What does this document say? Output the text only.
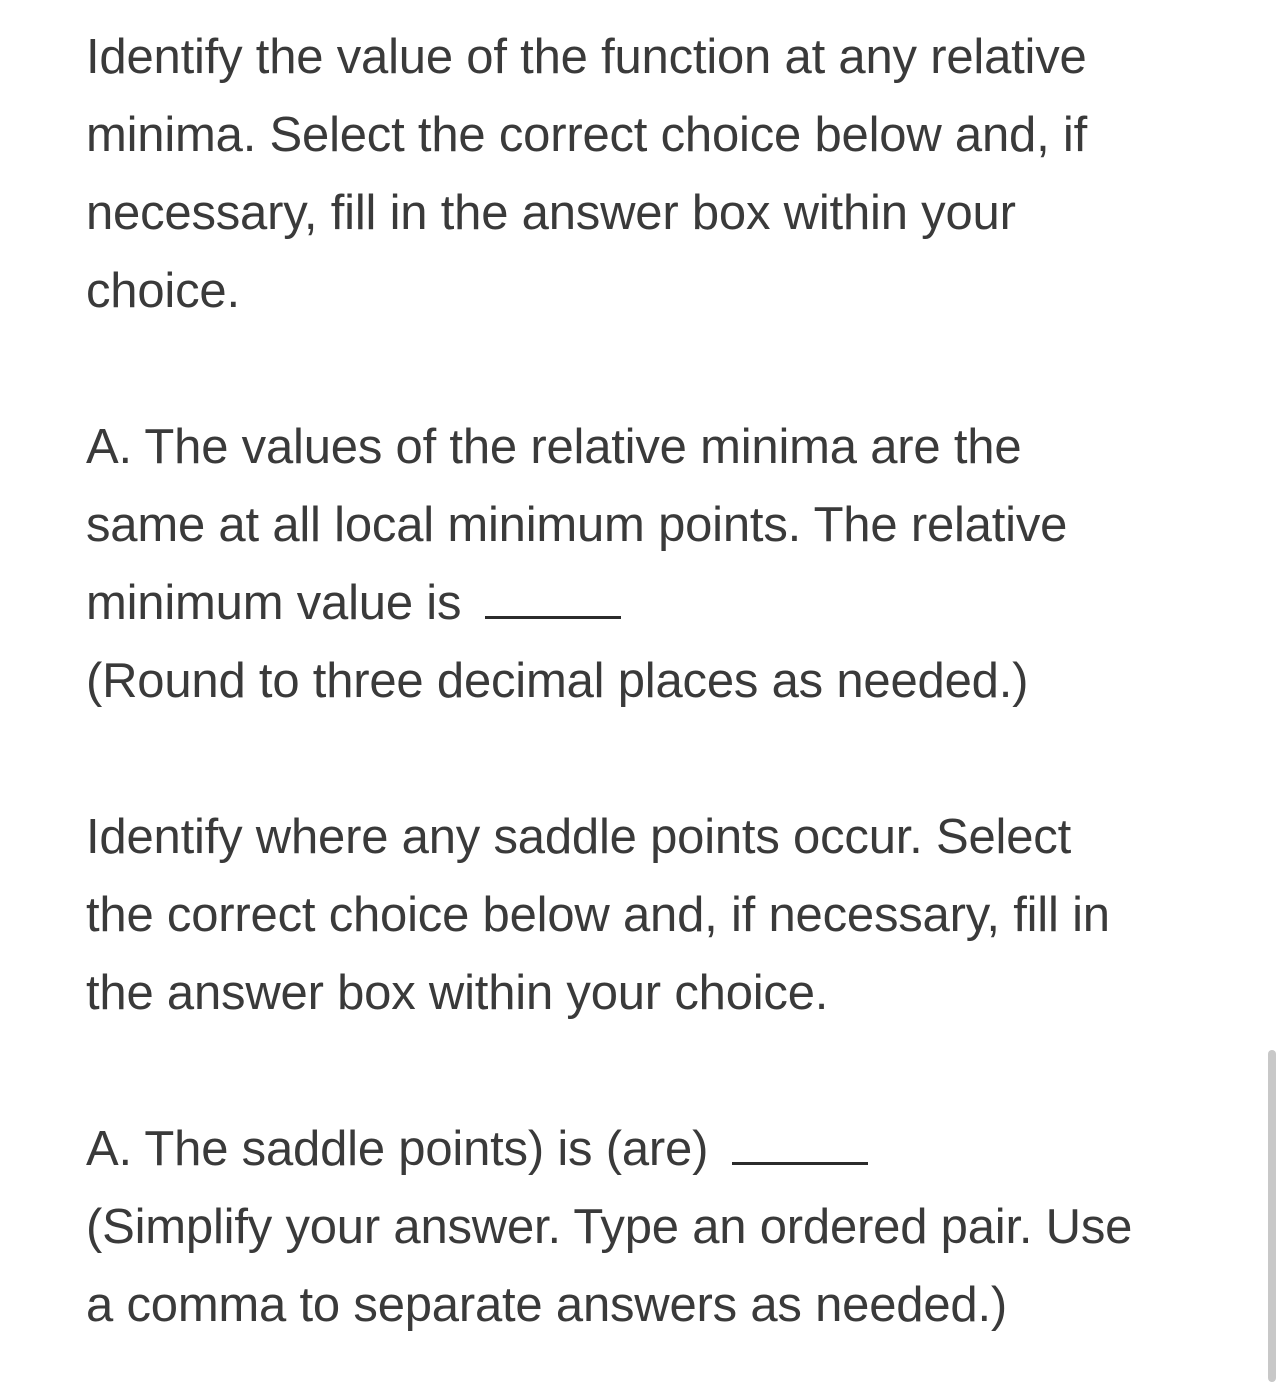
Identify the value of the function at any relative
minima. Select the correct choice below and, if
necessary, fill in the answer box within your
choice.
A. The values of the relative minima are the
same at all local minimum points. The relative
minimum value is
(Round to three decimal places as needed.)
Identify where any saddle points occur. Select
the correct choice below and, if necessary, fill in
the answer box within your choice.
A. The saddle points) is (are)
(Simplify your answer. Type an ordered pair. Use
a comma to separate answers as needed.)
